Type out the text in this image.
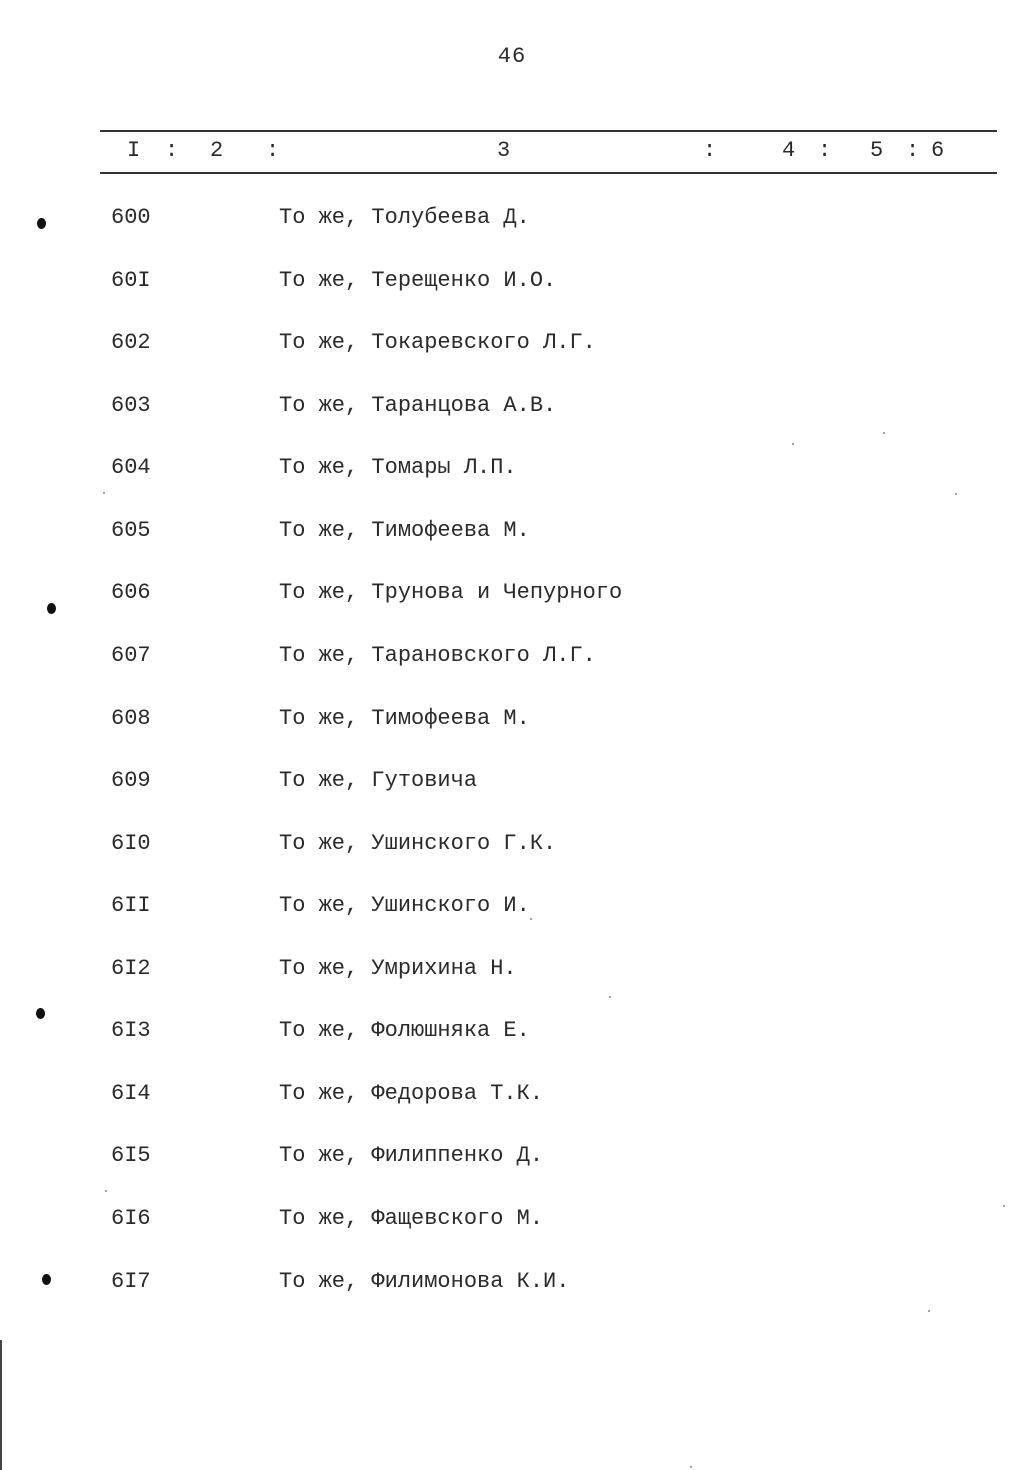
46
I : 2 :	3	:	4 : 5 : 6
600	То же, Толубеева Д.
60I	То же, Терещенко И.О.
602	То же, Токаревского Л.Г.
603	То же, Таранцова А.В.
604	То же, Томары Л.П.
605	То же, Тимофеева М.
606	То же, Трунова и Чепурного
607	То же, Тарановского Л.Г.
608	То же, Тимофеева М.
609	То же, Гутовича
6I0	То же, Ушинского Г.К.
6II	То же, Ушинского И.
6I2	То же, Умрихина Н.
6I3	То же, Фолюшняка Е.
6I4	То же, Федорова Т.К.
6I5	То же, Филиппенко Д.
6I6	То же, Фащевского М.
6I7	То же, Филимонова К.И.
